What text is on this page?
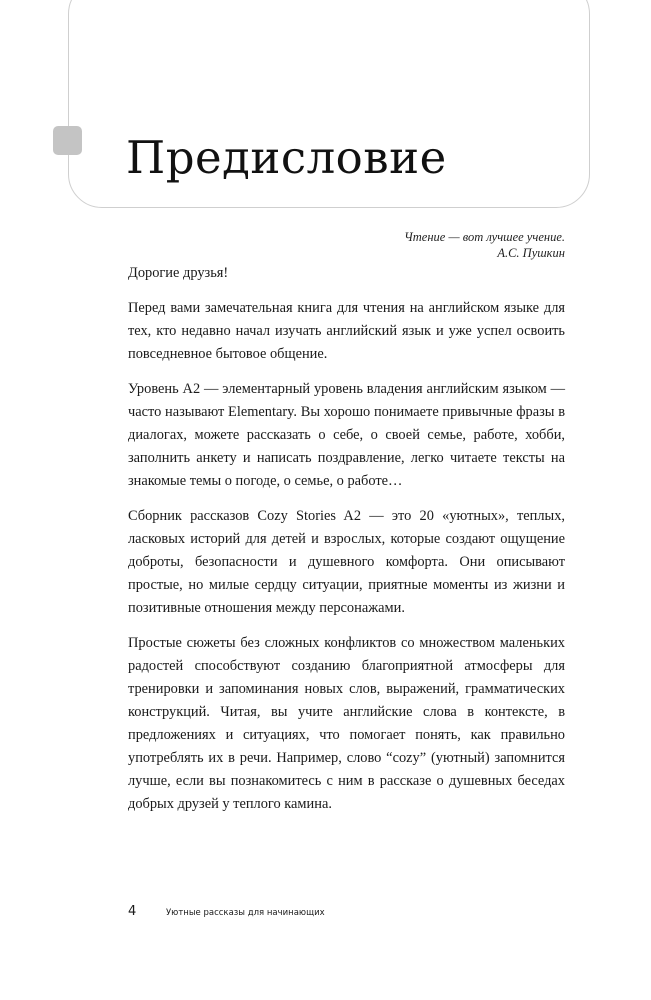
Предисловие
Чтение — вот лучшее учение.
А.С. Пушкин

Дорогие друзья!

Перед вами замечательная книга для чтения на английском языке для тех, кто недавно начал изучать английский язык и уже успел освоить повседневное бытовое общение.

Уровень A2 — элементарный уровень владения английским языком — часто называют Elementary. Вы хорошо понимаете привычные фразы в диалогах, можете рассказать о себе, о своей семье, работе, хобби, заполнить анкету и написать поздравление, легко читаете тексты на знакомые темы о погоде, о семье, о работе…

Сборник рассказов Cozy Stories A2 — это 20 «уютных», теплых, ласковых историй для детей и взрослых, которые создают ощущение доброты, безопасности и душевного комфорта. Они описывают простые, но милые сердцу ситуации, приятные моменты из жизни и позитивные отношения между персонажами.

Простые сюжеты без сложных конфликтов со множеством маленьких радостей способствуют созданию благоприятной атмосферы для тренировки и запоминания новых слов, выражений, грамматических конструкций. Читая, вы учите английские слова в контексте, в предложениях и ситуациях, что помогает понять, как правильно употреблять их в речи. Например, слово “cozy” (уютный) запомнится лучше, если вы познакомитесь с ним в рассказе о душевных беседах добрых друзей у теплого камина.

4	Уютные рассказы для начинающих
